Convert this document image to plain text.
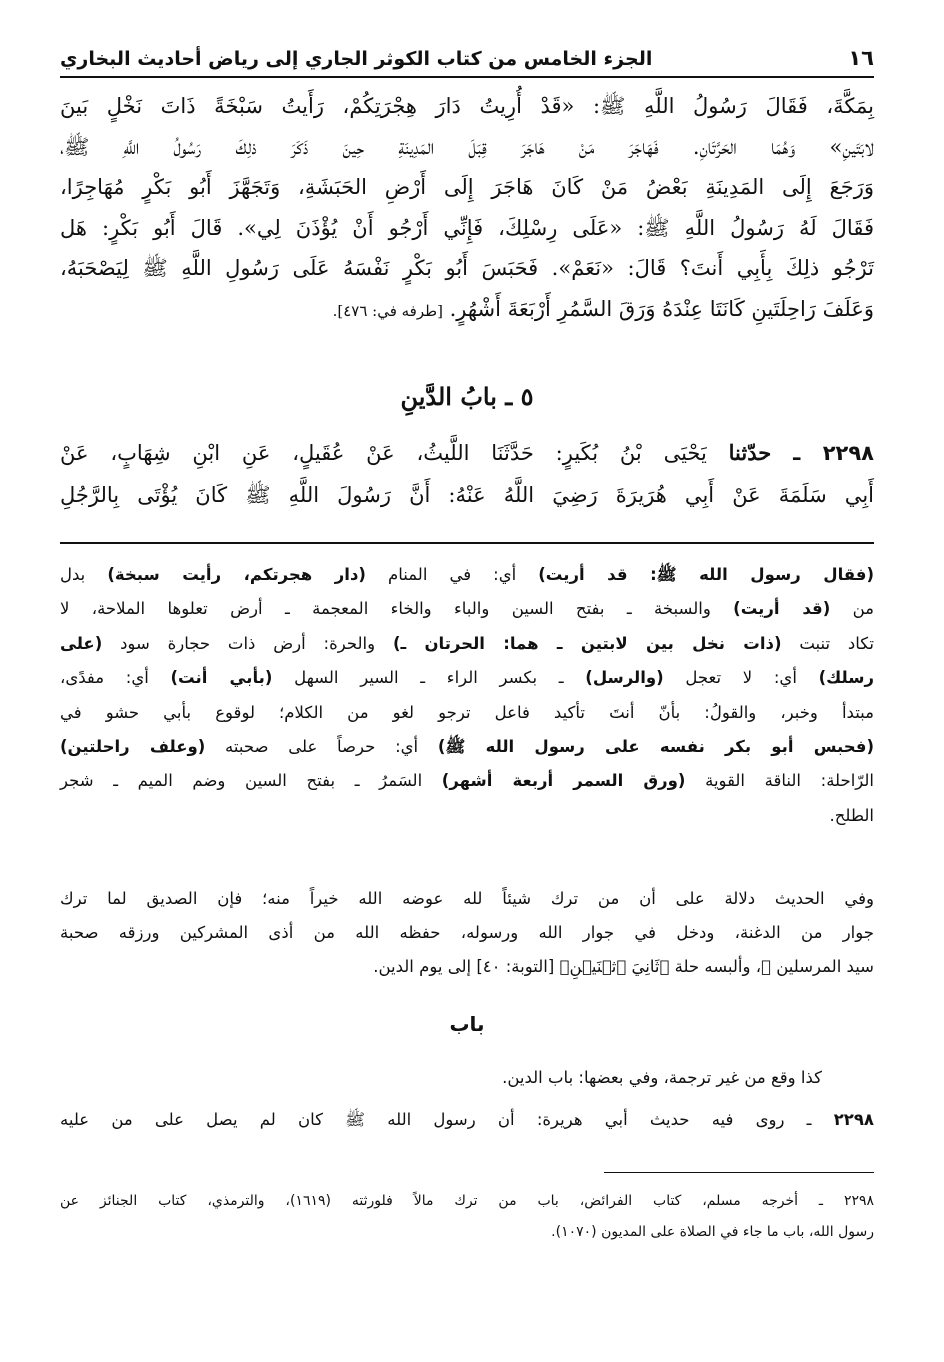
١٦
الجزء الخامس من كتاب الكوثر الجاري إلى رياض أحاديث البخاري

بِمَكَّةَ، فَقَالَ رَسُولُ اللَّهِ ﷺ: «قَدْ أُرِيتُ دَارَ هِجْرَتِكُمْ، رَأَيتُ سَبْخَةً ذَاتَ نَخْلٍ بَينَ

لابَتَينِ» وَهُمَا الحَرَّتَانِ. فَهَاجَرَ مَنْ هَاجَرَ قِبَلَ المَدِينَةِ حِينَ ذَكَرَ ذلِكَ رَسُولُ اللَّهِ ﷺ،

وَرَجَعَ إِلَى المَدِينَةِ بَعْضُ مَنْ كَانَ هَاجَرَ إِلَى أَرْضِ الحَبَشَةِ، وَتَجَهَّزَ أَبُو بَكْرٍ مُهَاجِرًا،

فَقَالَ لَهُ رَسُولُ اللَّهِ ﷺ: «عَلَى رِسْلِكَ، فَإِنِّي أَرْجُو أَنْ يُؤْذَنَ لِي». قَالَ أَبُو بَكْرٍ: هَل

تَرْجُو ذلِكَ بِأَبِي أَنتَ؟ قَالَ: «نَعَمْ». فَحَبَسَ أَبُو بَكْرٍ نَفْسَهُ عَلَى رَسُولِ اللَّهِ ﷺ لِيَصْحَبَهُ،

وَعَلَفَ رَاحِلَتَينِ كَانَتَا عِنْدَهُ وَرَقَ السَّمُرِ أَرْبَعَةَ أَشْهُرٍ. [طرفه في: ٤٧٦].

٥ ـ بابُ الدَّينِ

٢٢٩٨ ـ حدّثنا يَحْيَى بْنُ بُكَيرٍ: حَدَّثَنَا اللَّيثُ، عَنْ عُقَيلٍ، عَنِ ابْنِ شِهَابٍ، عَنْ

أَبِي سَلَمَةَ عَنْ أَبِي هُرَيرَةَ رَضِيَ اللَّهُ عَنْهُ: أَنَّ رَسُولَ اللَّهِ ﷺ كَانَ يُؤْتَى بِالرَّجُلِ

(فقال رسول الله ﷺ: قد أريت) أي: في المنام (دار هجرتكم، رأيت سبخة) بدل

من (قد أريت) والسبخة ـ بفتح السين والباء والخاء المعجمة ـ أرض تعلوها الملاحة، لا

تكاد تنبت (ذات نخل بين لابتين ـ هما: الحرتان ـ) والحرة: أرض ذات حجارة سود (على

رسلك) أي: لا تعجل (والرسل) ـ بكسر الراء ـ السير السهل (بأبي أنت) أي: مفدًى،

مبتدأ وخبر، والقولُ: بأنّ أنتَ تأكيد فاعل ترجو لغو من الكلام؛ لوقوع بأبي حشو في

(فحبس أبو بكر نفسه على رسول الله ﷺ) أي: حرصاً على صحبته (وعلف راحلتين)

الرّاحلة: الناقة القوية (ورق السمر أربعة أشهر) السَمرُ ـ بفتح السين وضم الميم ـ شجر

الطلح.

وفي الحديث دلالة على أن من ترك شيئاً لله عوضه الله خيراً منه؛ فإن الصديق لما ترك

جوار من الدغنة، ودخل في جوار الله ورسوله، حفظه الله من أذى المشركين ورزقه صحبة

سيد المرسلين ﷺ، وألبسه حلة ﴿ثَانِيَ ٱثۡنَيۡنِ﴾ [التوبة: ٤٠] إلى يوم الدين.

باب

كذا وقع من غير ترجمة، وفي بعضها: باب الدين.

٢٢٩٨ ـ روى فيه حديث أبي هريرة: أن رسول الله ﷺ كان لم يصل على من عليه

٢٢٩٨ ـ أخرجه مسلم، كتاب الفرائض، باب من ترك مالاً فلورثته (١٦١٩)، والترمذي، كتاب الجنائز عن

رسول الله، باب ما جاء في الصلاة على المديون (١٠٧٠).
